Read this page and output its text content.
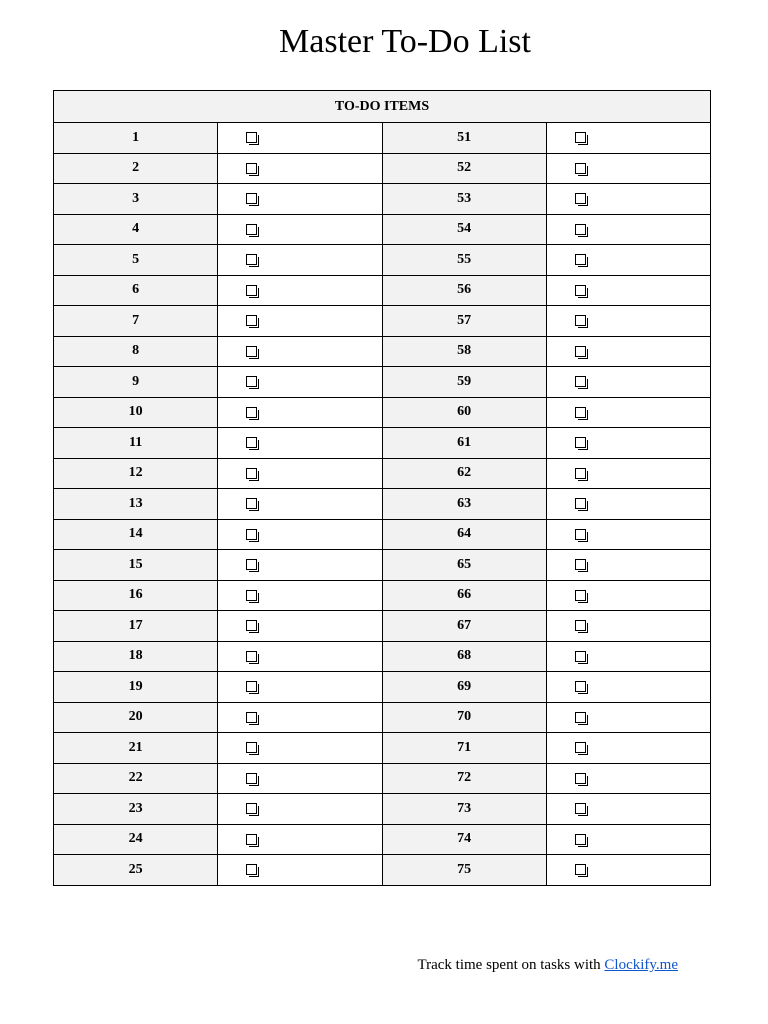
Master To-Do List
TO-DO ITEMS			
1		51	
2		52	
3		53	
4		54	
5		55	
6		56	
7		57	
8		58	
9		59	
10		60	
11		61	
12		62	
13		63	
14		64	
15		65	
16		66	
17		67	
18		68	
19		69	
20		70	
21		71	
22		72	
23		73	
24		74	
25		75	
Track time spent on tasks with Clockify.me
